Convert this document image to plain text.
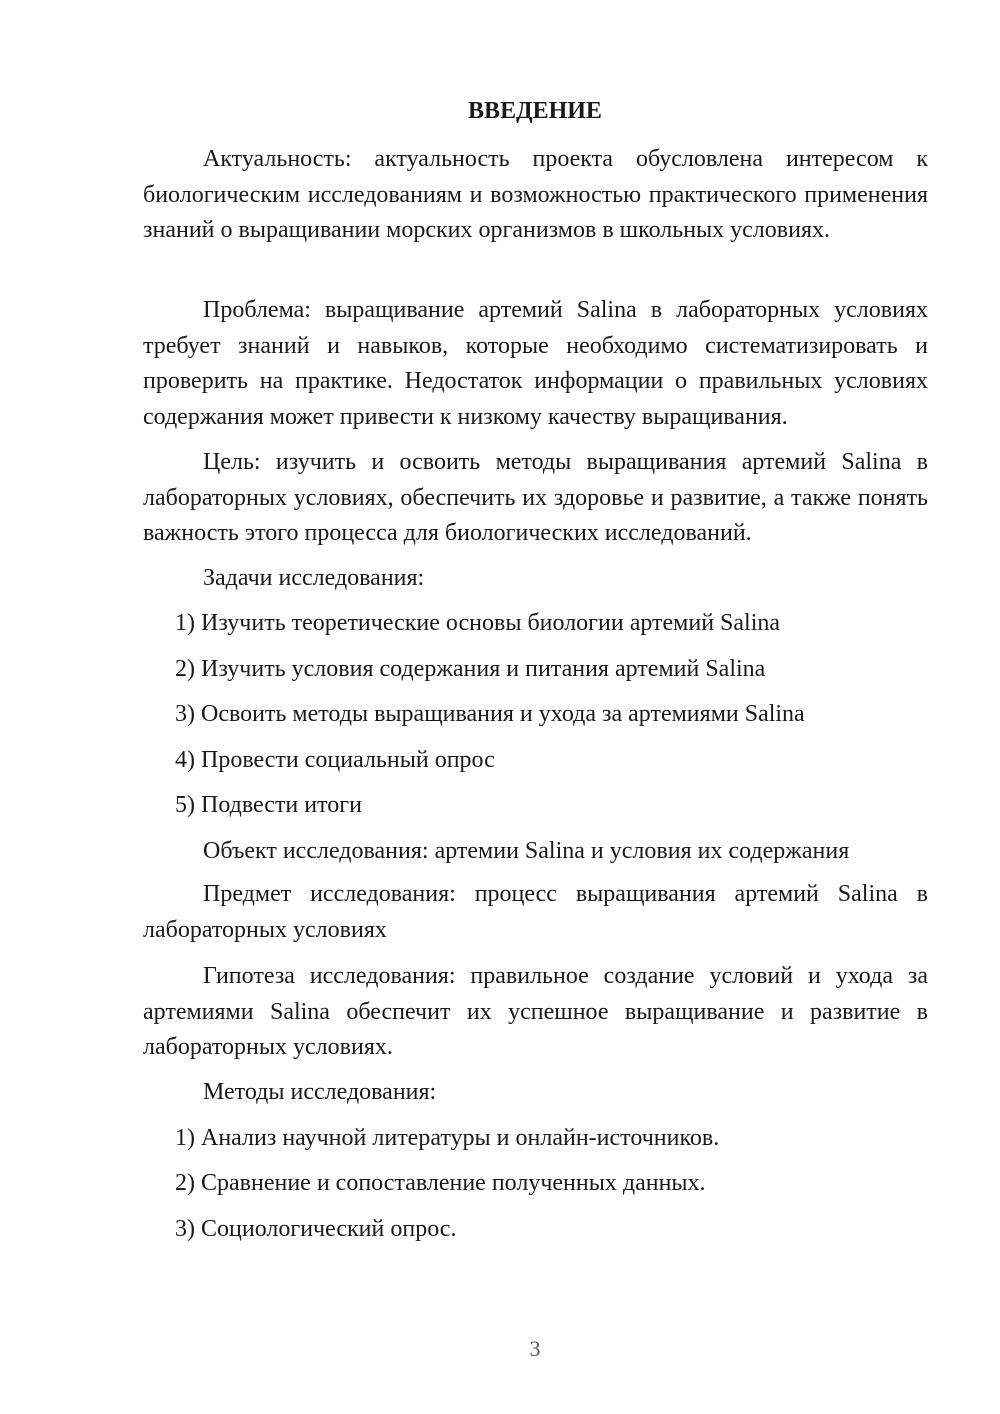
ВВЕДЕНИЕ

Актуальность: актуальность проекта обусловлена интересом к биологическим исследованиям и возможностью практического применения знаний о выращивании морских организмов в школьных условиях.

Проблема: выращивание артемий Salina в лабораторных условиях требует знаний и навыков, которые необходимо систематизировать и проверить на практике. Недостаток информации о правильных условиях содержания может привести к низкому качеству выращивания.

Цель: изучить и освоить методы выращивания артемий Salina в лабораторных условиях, обеспечить их здоровье и развитие, а также понять важность этого процесса для биологических исследований.

Задачи исследования:

1) Изучить теоретические основы биологии артемий Salina

2) Изучить условия содержания и питания артемий Salina

3) Освоить методы выращивания и ухода за артемиями Salina

4) Провести социальный опрос

5) Подвести итоги

Объект исследования: артемии Salina и условия их содержания

Предмет исследования: процесс выращивания артемий Salina в лабораторных условиях

Гипотеза исследования: правильное создание условий и ухода за артемиями Salina обеспечит их успешное выращивание и развитие в лабораторных условиях.

Методы исследования:

1) Анализ научной литературы и онлайн-источников.

2) Сравнение и сопоставление полученных данных.

3) Социологический опрос.

3
